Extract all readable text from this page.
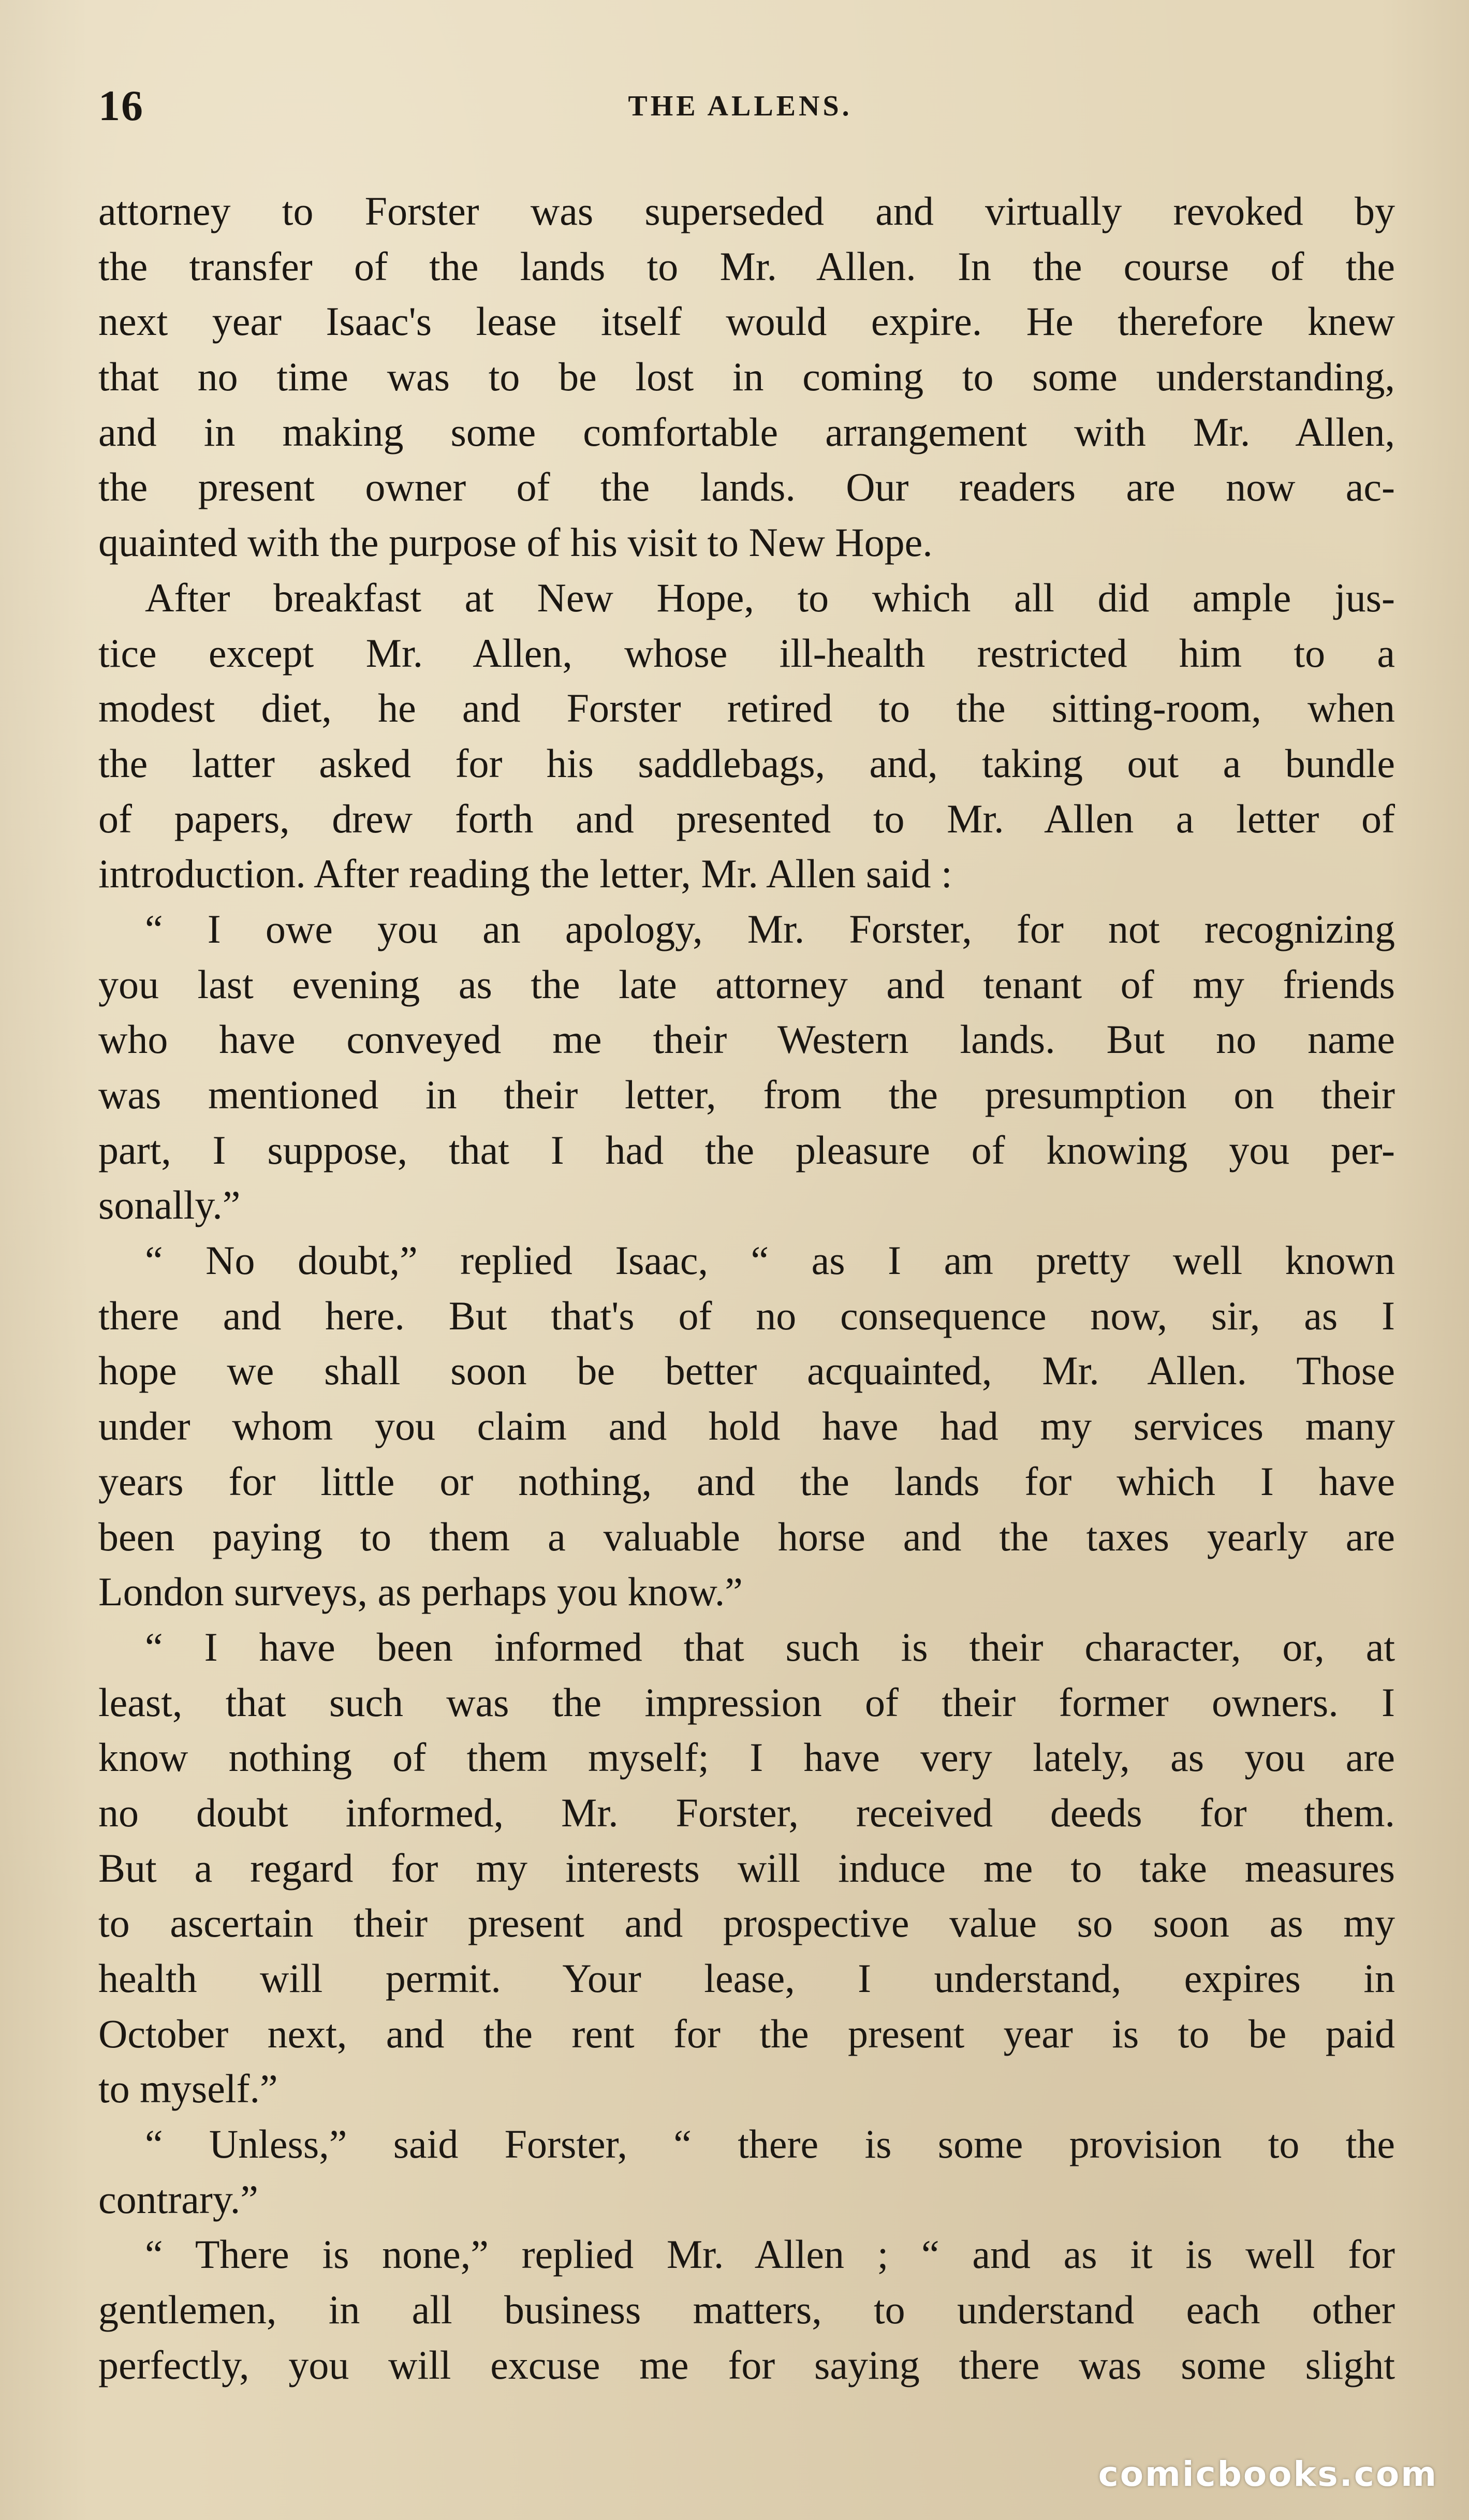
16	THE ALLENS.
attorney to Forster was superseded and virtually revoked by
the transfer of the lands to Mr. Allen. In the course of the
next year Isaac's lease itself would expire. He therefore knew
that no time was to be lost in coming to some understanding,
and in making some comfortable arrangement with Mr. Allen,
the present owner of the lands. Our readers are now ac-
quainted with the purpose of his visit to New Hope.
After breakfast at New Hope, to which all did ample jus-
tice except Mr. Allen, whose ill-health restricted him to a
modest diet, he and Forster retired to the sitting-room, when
the latter asked for his saddlebags, and, taking out a bundle
of papers, drew forth and presented to Mr. Allen a letter of
introduction. After reading the letter, Mr. Allen said :
“ I owe you an apology, Mr. Forster, for not recognizing
you last evening as the late attorney and tenant of my friends
who have conveyed me their Western lands. But no name
was mentioned in their letter, from the presumption on their
part, I suppose, that I had the pleasure of knowing you per-
sonally.”
“ No doubt,” replied Isaac, “ as I am pretty well known
there and here. But that's of no consequence now, sir, as I
hope we shall soon be better acquainted, Mr. Allen. Those
under whom you claim and hold have had my services many
years for little or nothing, and the lands for which I have
been paying to them a valuable horse and the taxes yearly are
London surveys, as perhaps you know.”
“ I have been informed that such is their character, or, at
least, that such was the impression of their former owners. I
know nothing of them myself; I have very lately, as you are
no doubt informed, Mr. Forster, received deeds for them.
But a regard for my interests will induce me to take measures
to ascertain their present and prospective value so soon as my
health will permit. Your lease, I understand, expires in
October next, and the rent for the present year is to be paid
to myself.”
“ Unless,” said Forster, “ there is some provision to the
contrary.”
“ There is none,” replied Mr. Allen ; “ and as it is well for
gentlemen, in all business matters, to understand each other
perfectly, you will excuse me for saying there was some slight
comicbooks.com
